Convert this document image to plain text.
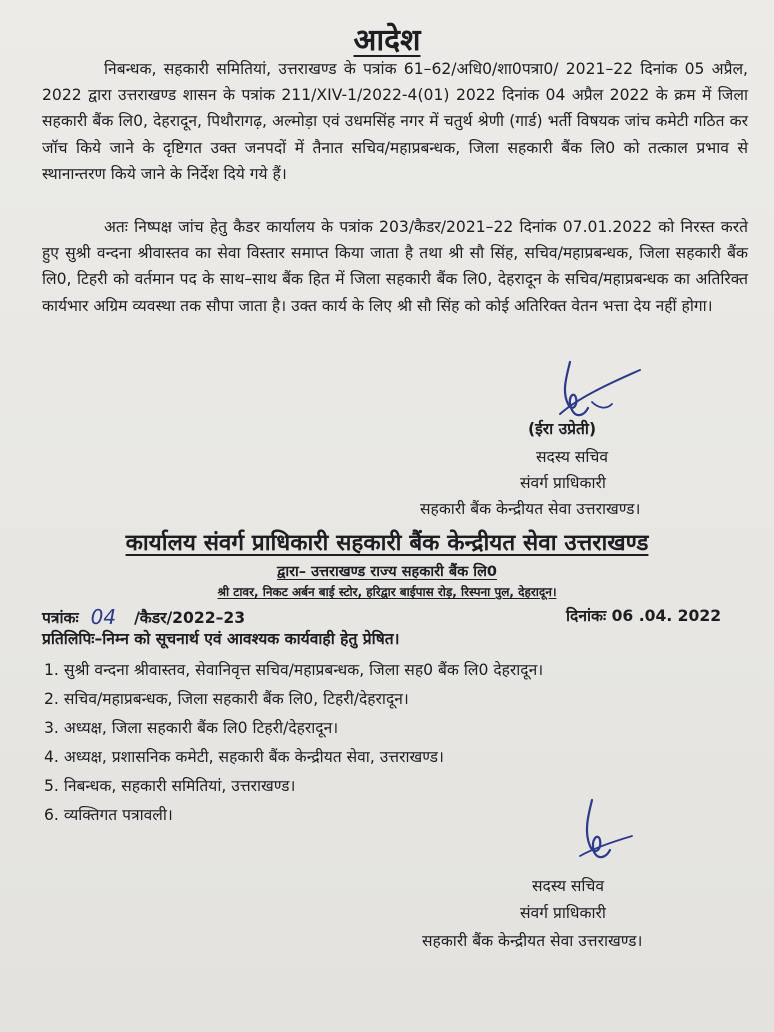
आदेश
निबन्धक, सहकारी समितियां, उत्तराखण्ड के पत्रांक 61–62/अधि0/शा0पत्रा0/ 2021–22 दिनांक 05 अप्रैल, 2022 द्वारा उत्तराखण्ड शासन के पत्रांक 211/XIV-1/2022-4(01) 2022 दिनांक 04 अप्रैल 2022 के क्रम में जिला सहकारी बैंक लि0, देहरादून, पिथौरागढ़, अल्मोड़ा एवं उधमसिंह नगर में चतुर्थ श्रेणी (गार्ड) भर्ती विषयक जांच कमेटी गठित कर जॉच किये जाने के दृष्टिगत उक्त जनपदों में तैनात सचिव/महाप्रबन्धक, जिला सहकारी बैंक लि0 को तत्काल प्रभाव से स्थानान्तरण किये जाने के निर्देश दिये गये हैं।
अतः निष्पक्ष जांच हेतु कैडर कार्यालय के पत्रांक 203/कैडर/2021–22 दिनांक 07.01.2022 को निरस्त करते हुए सुश्री वन्दना श्रीवास्तव का सेवा विस्तार समाप्त किया जाता है तथा श्री सौ सिंह, सचिव/महाप्रबन्धक, जिला सहकारी बैंक लि0, टिहरी को वर्तमान पद के साथ–साथ बैंक हित में जिला सहकारी बैंक लि0, देहरादून के सचिव/महाप्रबन्धक का अतिरिक्त कार्यभार अग्रिम व्यवस्था तक सौपा जाता है। उक्त कार्य के लिए श्री सौ सिंह को कोई अतिरिक्त वेतन भत्ता देय नहीं होगा।
(ईरा उप्रेती)
सदस्य सचिव
संवर्ग प्राधिकारी
सहकारी बैंक केन्द्रीयत सेवा उत्तराखण्ड।
कार्यालय संवर्ग प्राधिकारी सहकारी बैंक केन्द्रीयत सेवा उत्तराखण्ड
द्वारा– उत्तराखण्ड राज्य सहकारी बैंक लि0
श्री टावर, निकट अर्बन बाई स्टोर, हरिद्वार बाईपास रोड़, रिस्पना पुल, देहरादून।
पत्रांकः 04 /कैडर/2022–23	दिनांकः 06 .04. 2022
प्रतिलिपिः–निम्न को सूचनार्थ एवं आवश्यक कार्यवाही हेतु प्रेषित।
1. सुश्री वन्दना श्रीवास्तव, सेवानिवृत्त सचिव/महाप्रबन्धक, जिला सह0 बैंक लि0 देहरादून।
2. सचिव/महाप्रबन्धक, जिला सहकारी बैंक लि0, टिहरी/देहरादून।
3. अध्यक्ष, जिला सहकारी बैंक लि0 टिहरी/देहरादून।
4. अध्यक्ष, प्रशासनिक कमेटी, सहकारी बैंक केन्द्रीयत सेवा, उत्तराखण्ड।
5. निबन्धक, सहकारी समितियां, उत्तराखण्ड।
6. व्यक्तिगत पत्रावली।
सदस्य सचिव
संवर्ग प्राधिकारी
सहकारी बैंक केन्द्रीयत सेवा उत्तराखण्ड।
